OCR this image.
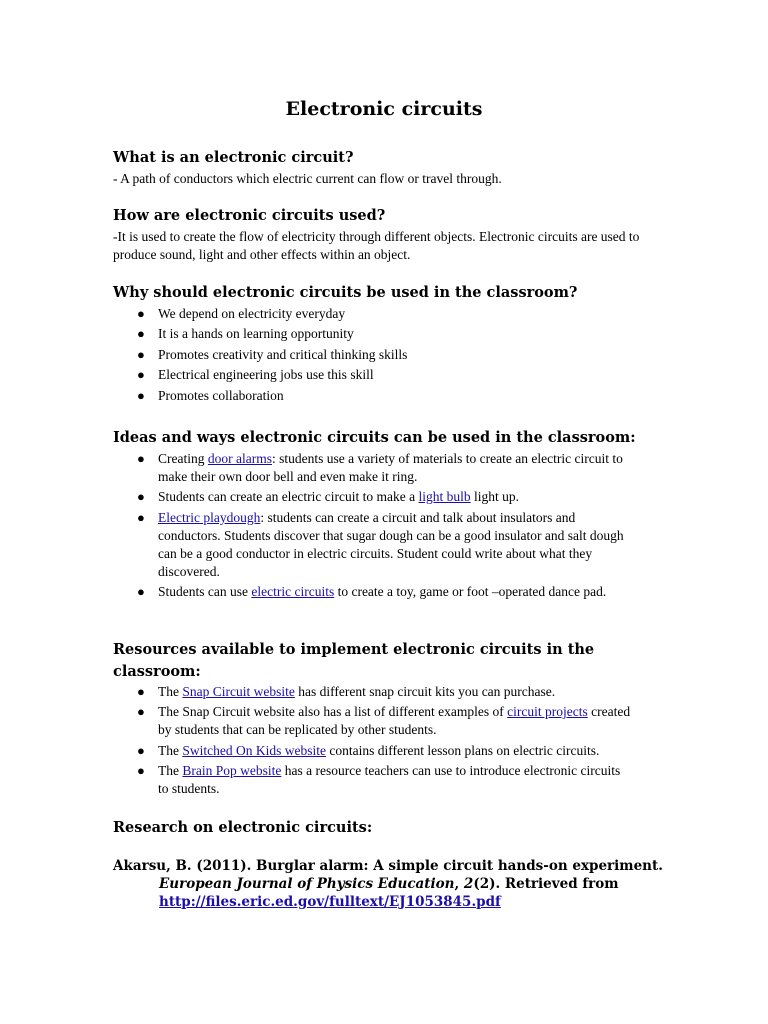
Electronic circuits
What is an electronic circuit?
- A path of conductors which electric current can flow or travel through.
How are electronic circuits used?
-It is used to create the flow of electricity through different objects. Electronic circuits are used to produce sound, light and other effects within an object.
Why should electronic circuits be used in the classroom?
● We depend on electricity everyday
● It is a hands on learning opportunity
● Promotes creativity and critical thinking skills
● Electrical engineering jobs use this skill
● Promotes collaboration
Ideas and ways electronic circuits can be used in the classroom:
● Creating door alarms: students use a variety of materials to create an electric circuit to make their own door bell and even make it ring.
● Students can create an electric circuit to make a light bulb light up.
● Electric playdough: students can create a circuit and talk about insulators and conductors. Students discover that sugar dough can be a good insulator and salt dough can be a good conductor in electric circuits. Student could write about what they discovered.
● Students can use electric circuits to create a toy, game or foot –operated dance pad.
Resources available to implement electronic circuits in the
classroom:
● The Snap Circuit website has different snap circuit kits you can purchase.
● The Snap Circuit website also has a list of different examples of circuit projects created by students that can be replicated by other students.
● The Switched On Kids website contains different lesson plans on electric circuits.
● The Brain Pop website has a resource teachers can use to introduce electronic circuits to students.
Research on electronic circuits:
Akarsu, B. (2011). Burglar alarm: A simple circuit hands-on experiment.
European Journal of Physics Education, 2(2). Retrieved from
http://files.eric.ed.gov/fulltext/EJ1053845.pdf
